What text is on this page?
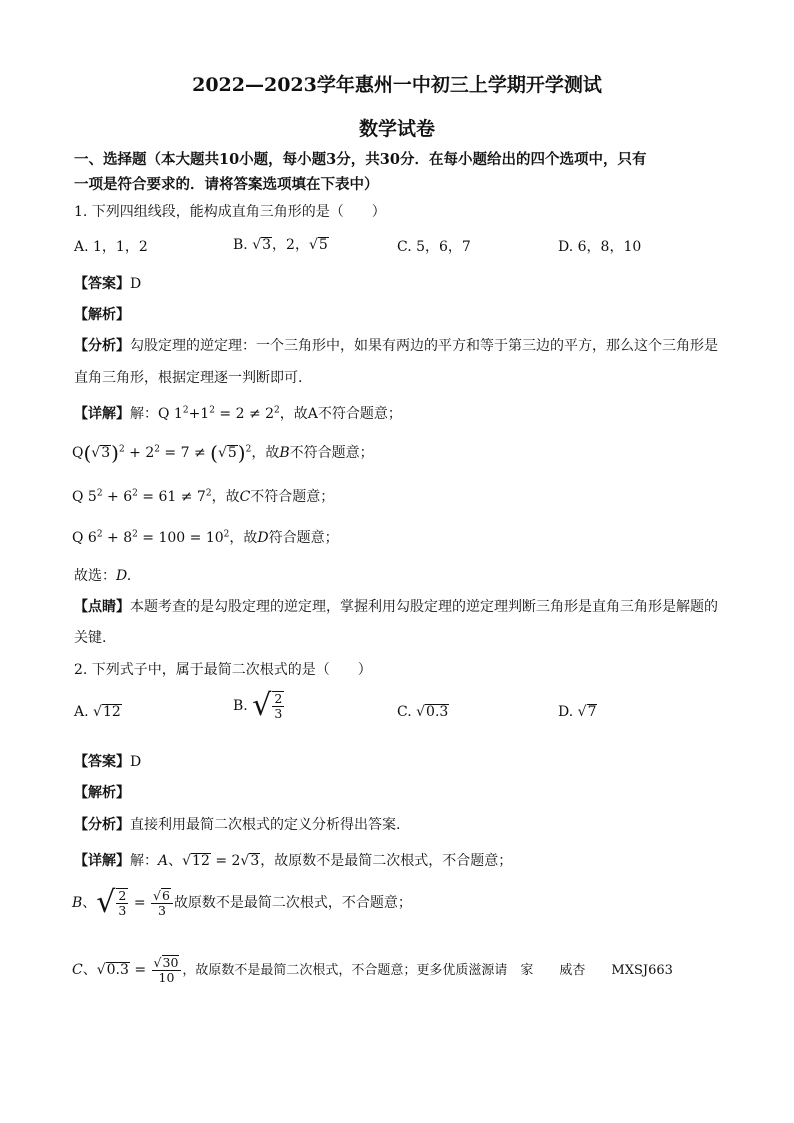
2022—2023学年惠州一中初三上学期开学测试
数学试卷
一、选择题（本大题共10小题，每小题3分，共30分．在每小题给出的四个选项中，只有
一项是符合要求的．请将答案选项填在下表中）
1. 下列四组线段，能构成直角三角形的是（　　）
A. 1，1，2	B. √3，2，√5	C. 5，6，7	D. 6，8，10
【答案】D
【解析】
【分析】勾股定理的逆定理：一个三角形中，如果有两边的平方和等于第三边的平方，那么这个三角形是
直角三角形，根据定理逐一判断即可.
【详解】解：Q $1^2+1^2 = 2 \ne 2^2$，故A不符合题意；
$Q(√3)^2 + 2^2 = 7 \ne (√5)^2$，故B不符合题意；
Q $5^2 + 6^2 = 61 \ne 7^2$，故C不符合题意；
Q $6^2 + 8^2 = 100 = 10^2$，故D符合题意；
故选：D.
【点睛】本题考查的是勾股定理的逆定理，掌握利用勾股定理的逆定理判断三角形是直角三角形是解题的
关键.
2. 下列式子中，属于最简二次根式的是（　　）
A. √12	B. √ $\frac{2}{3}$	C. √0.3	D. √7
【答案】D
【解析】
【分析】直接利用最简二次根式的定义分析得出答案.
【详解】解：A、√12 = 2√3，故原数不是最简二次根式，不合题意；
B、√ $\frac{2}{3} = \frac{√6}{3}$ 故原数不是最简二次根式，不合题意；
C、$√0.3 = \frac{√30}{10}$ ，故原数不是最简二次根式，不合题意；更多优质滋源请　家　　威杏　　MXSJ663
